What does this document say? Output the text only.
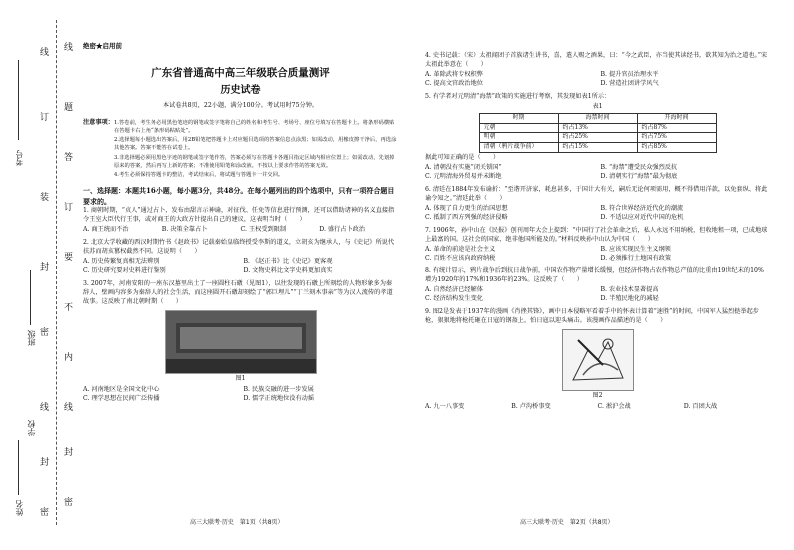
线
题
答
订
要
不
内
线
封
密
线
订
装
封
密
线
封
密
考号
姓名
班级
学校
绝密★启用前
广东省普通高中高三年级联合质量测评
历史试卷
本试卷共8页，22小题，满分100分。考试用时75分钟。
注意事项： 1.答卷前，考生务必用黑色笔迹的钢笔或签字笔将自己的姓名和考生号、考场号、座位号填写在答题卡上。将条形码横贴在答题卡右上角“条形码粘贴处”。
2.选择题每小题选出答案后，用2B铅笔把答题卡上对应题目选项的答案信息点涂黑；如需改动，用橡皮擦干净后，再选涂其他答案。答案不能答在试卷上。
3.非选择题必须用黑色字迹的钢笔或签字笔作答，答案必须写在答题卡各题目指定区域内相应位置上；如需改动，先划掉原来的答案，然后再写上新的答案；不准使用铅笔和涂改液。不按以上要求作答的答案无效。
4.考生必须保持答题卡的整洁，考试结束后，将试题与答题卡一并交回。
一、选择题：本题共16小题，每小题3分，共48分。在每小题列出的四个选项中，只有一项符合题目要求的。
1. 商朝时期，“贞人”通过占卜，发布由甜言示神谕，对征伐、任免等信息进行预测，还可以借助诸神的名义直接指令王室大臣代行王事，或对商王的大政方针提出自己的建议，这表明当时（　　）
A. 商王统而不治	B. 决策全靠占卜	C. 王权受到限制	D. 盛行占卜政治
2. 北京大学收藏的西汉时期竹书《赵政书》记载秦始皇临终授受李斯的道义，立胡亥为继承人，与《史记》所说代扶苏而胡亥篡权截然不同。这说明（　　）
A. 历史传繁复真相无法辨别	B. 《赵正书》比《史记》更客观
C. 历史研究要对史料进行鉴别	D. 文物史料比文字史料更加真实
3. 2007年，河南安阳的一座东汉墓里出土了一座圆柱石礅（见图1），以往发现的石礅上所刻绘的人物形象多为秦辞人，壁画内容多为秦辞人的社会生活，而这座圆开石礅却刻绘了“郭巨埋儿”“丁兰刻木事亲”等为汉人流传的孝道故事。这反映了南北朝时期（　　）
图1
A. 河南地区是全国文化中心	B. 民族交融的进一步发展
C. 理学思想在民间广泛传播	D. 儒学正统地位没有动摇
4. 史书记载：（宋）太祖闻团子首族诸生讲书，喜，遣人赐之酒果，曰：“今之武臣，亦当使其读经书，欲其知为治之道也。”宋太祖此举意在（　　）
A. 革除武将专权积弊	B. 提升官员治理水平
C. 提高文官政治地位	D. 营造社团讲学风气
5. 有学者对元明清“海禁”政策的实施进行考察，其发现如表1所示：
表1
时期	海禁时间	开海时间
元朝	约占13%	约占87%
明朝	约占25%	约占75%
清朝（鸦片战争前）	约占15%	约占85%
据此可知正确的是（　　）
A. 清朝没有实施“闭关锁国”	B. “海禁”遭受民众强烈反抗
C. 元明清海外贸易并未断绝	D. 清朝实行“海禁”最为彻底
6. 清廷在1884年发布谕折：“至谐开济家，耗息甚多，于国计大有关，嗣后无论何项需用，概不得借用洋款，以免套纵、将此谕令知之。”清廷此举（　　）
A. 体现了自力更生的治国思想	B. 符合世界经济近代化的潮流
C. 抵制了西方列强的经济侵略	D. 不适以应对近代中国的危机
7. 1906年，孙中山在《民报》创刊周年大会上提到：“中国行了社会革命之后，私人永远不用纳税，但收地租一项，已成地球上最富的国。这社会的国家，绝非他国所能及的。”材料反映孙中山认为中国（　　）
A. 革命的前途是社会主义	B. 应该实现民生主义纲领
C. 百姓不应该向政府纳税	D. 必须推行土地国有政策
8. 有统计显示，鸦片战争后到抗日战争前，中国农作物产量增长缓慢，但经济作物占农作物总产值的比重由19世纪末的10%增为1920年的17%和1936年的23%。这反映了（　　）
A. 自然经济已经解体	B. 农业技术显著提高
C. 经济结构发生变化	D. 半殖民地化的减轻
9. 图2是发表于1937年的漫画《肖挫其锋》，画中日本侵略军看着手中的怀表计算着“速胜”的时间，中国军人猛烈挞举起步枪，狠狠地将枪托砸在日寇的钢盔上，怕日寇以迎头痛击。该漫画作品描述的是（　　）
图2
A. 九一八事变	B. 卢沟桥事变	C. 淞沪会战	D. 百团大战
高三大联考·历史　第1页（共8页）	高三大联考·历史　第2页（共8页）
